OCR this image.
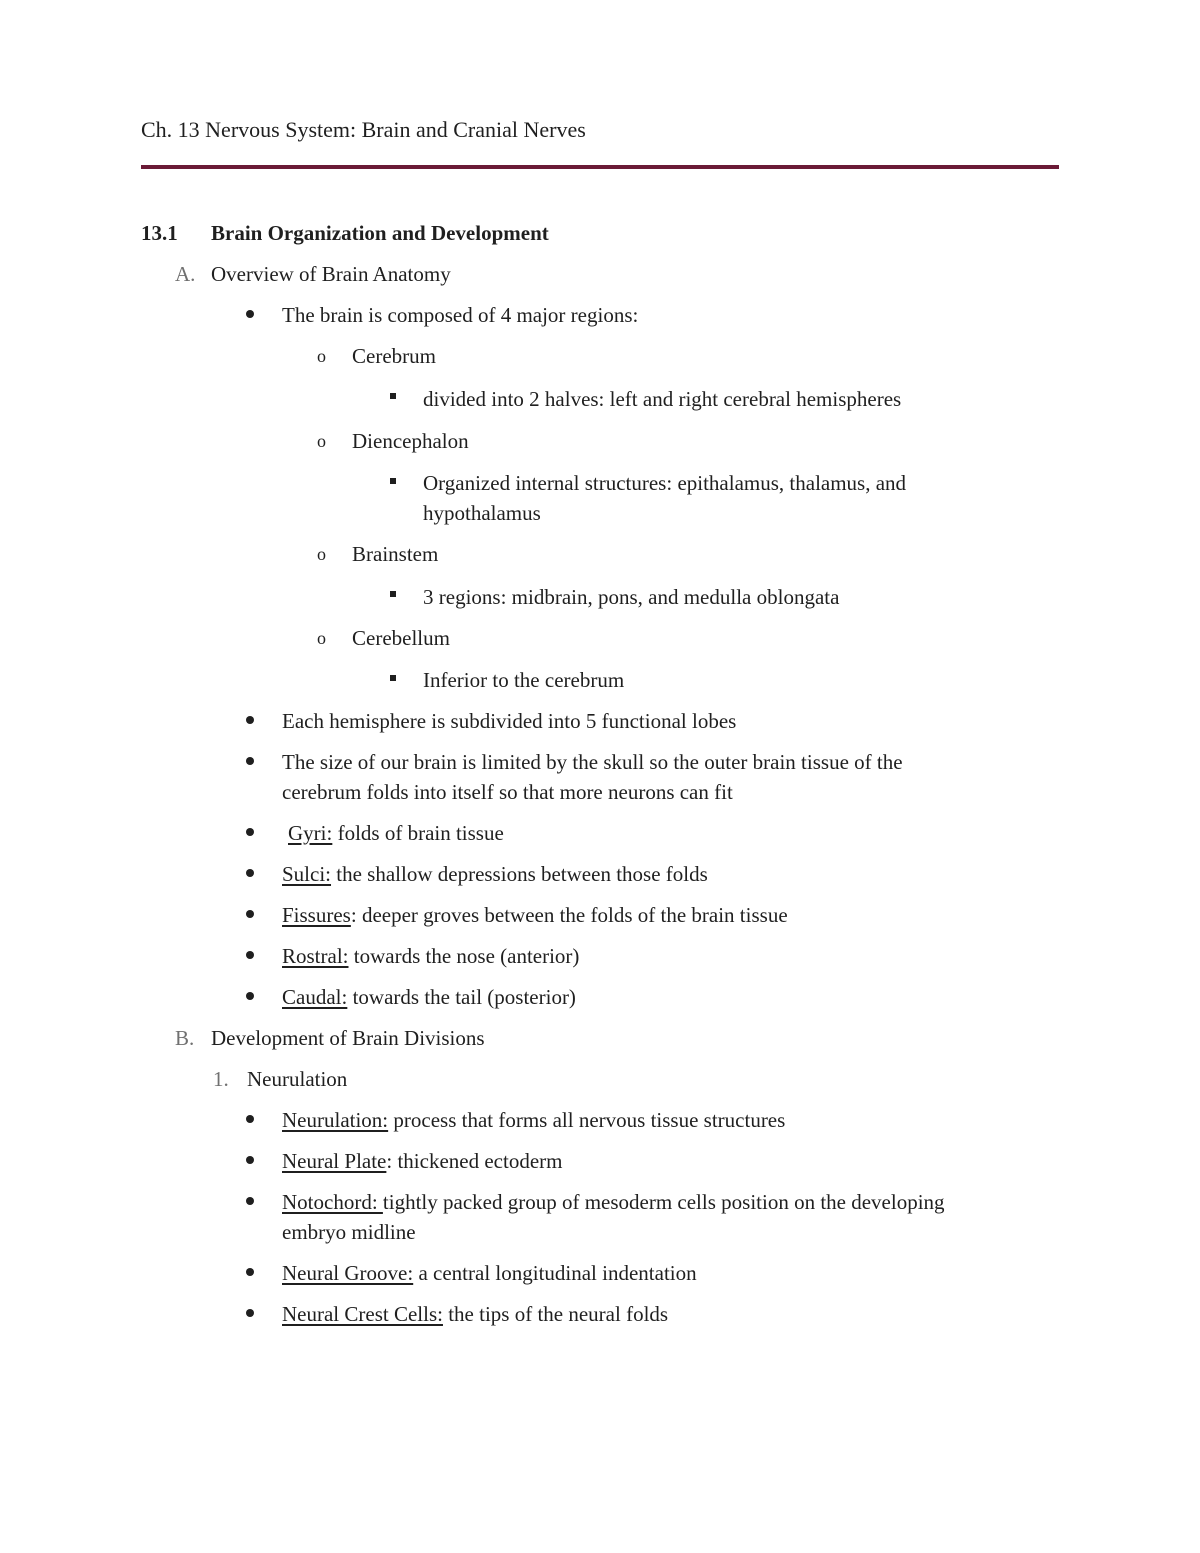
Ch. 13 Nervous System: Brain and Cranial Nerves
13.1 Brain Organization and Development
A. Overview of Brain Anatomy
The brain is composed of 4 major regions:
o Cerebrum
divided into 2 halves: left and right cerebral hemispheres
o Diencephalon
Organized internal structures: epithalamus, thalamus, and
hypothalamus
o Brainstem
3 regions: midbrain, pons, and medulla oblongata
o Cerebellum
Inferior to the cerebrum
Each hemisphere is subdivided into 5 functional lobes
The size of our brain is limited by the skull so the outer brain tissue of the
cerebrum folds into itself so that more neurons can fit
Gyri: folds of brain tissue
Sulci: the shallow depressions between those folds
Fissures: deeper groves between the folds of the brain tissue
Rostral: towards the nose (anterior)
Caudal: towards the tail (posterior)
B. Development of Brain Divisions
1. Neurulation
Neurulation: process that forms all nervous tissue structures
Neural Plate: thickened ectoderm
Notochord: tightly packed group of mesoderm cells position on the developing
embryo midline
Neural Groove: a central longitudinal indentation
Neural Crest Cells: the tips of the neural folds
